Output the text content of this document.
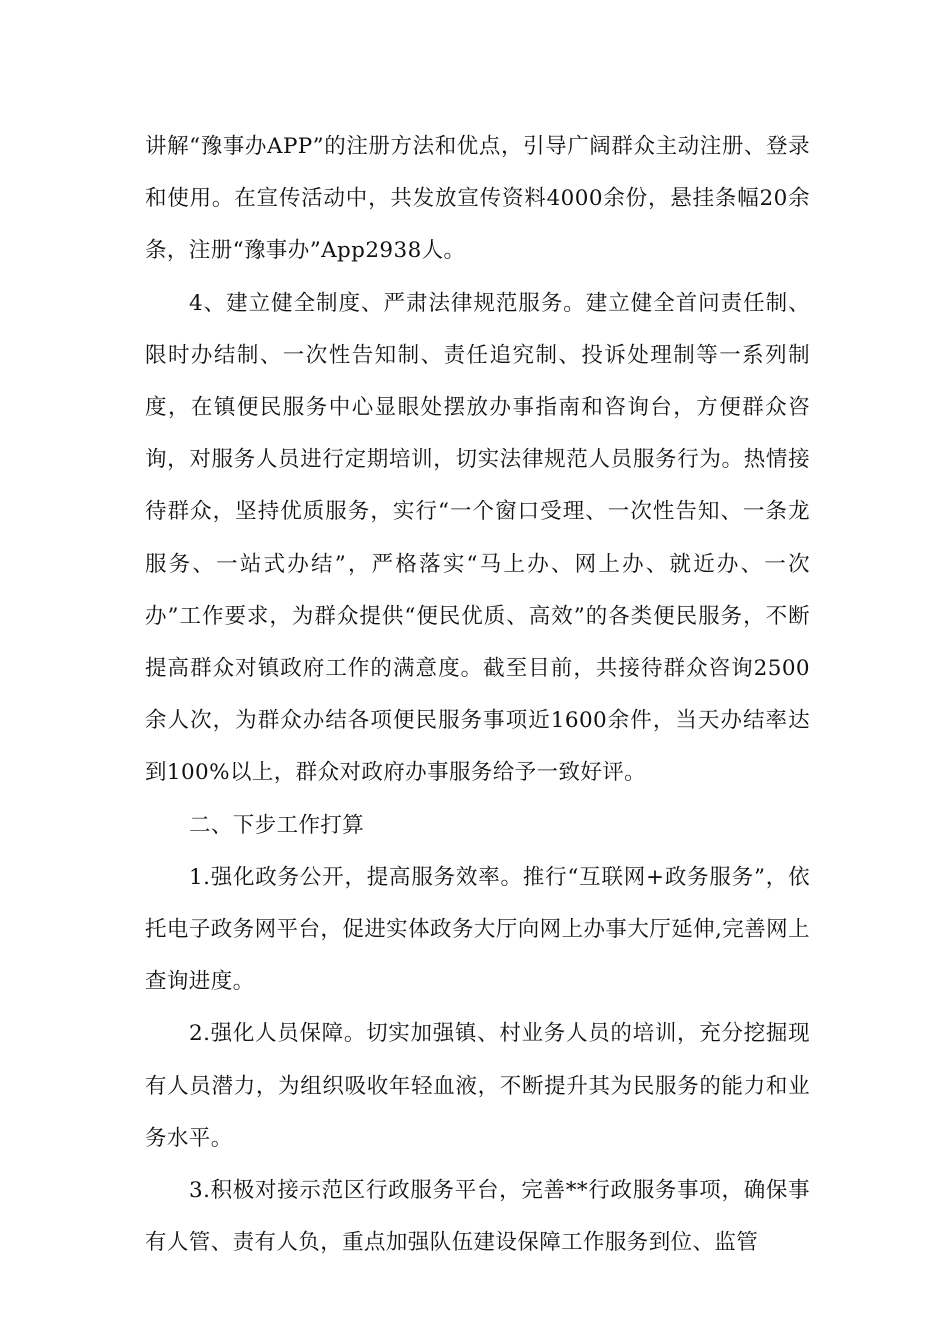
讲解“豫事办APP”的注册方法和优点，引导广阔群众主动注册、登录和使用。在宣传活动中，共发放宣传资料4000余份，悬挂条幅20余条，注册“豫事办”App2938人。

4、建立健全制度、严肃法律规范服务。建立健全首问责任制、限时办结制、一次性告知制、责任追究制、投诉处理制等一系列制度，在镇便民服务中心显眼处摆放办事指南和咨询台，方便群众咨询，对服务人员进行定期培训，切实法律规范人员服务行为。热情接待群众，坚持优质服务，实行“一个窗口受理、一次性告知、一条龙服务、一站式办结”，严格落实“马上办、网上办、就近办、一次办”工作要求，为群众提供“便民优质、高效”的各类便民服务，不断提高群众对镇政府工作的满意度。截至目前，共接待群众咨询2500余人次，为群众办结各项便民服务事项近1600余件，当天办结率达到100%以上，群众对政府办事服务给予一致好评。

二、下步工作打算

1.强化政务公开，提高服务效率。推行“互联网+政务服务”，依托电子政务网平台，促进实体政务大厅向网上办事大厅延伸,完善网上查询进度。

2.强化人员保障。切实加强镇、村业务人员的培训，充分挖掘现有人员潜力，为组织吸收年轻血液，不断提升其为民服务的能力和业务水平。

3.积极对接示范区行政服务平台，完善**行政服务事项，确保事有人管、责有人负，重点加强队伍建设保障工作服务到位、监管
